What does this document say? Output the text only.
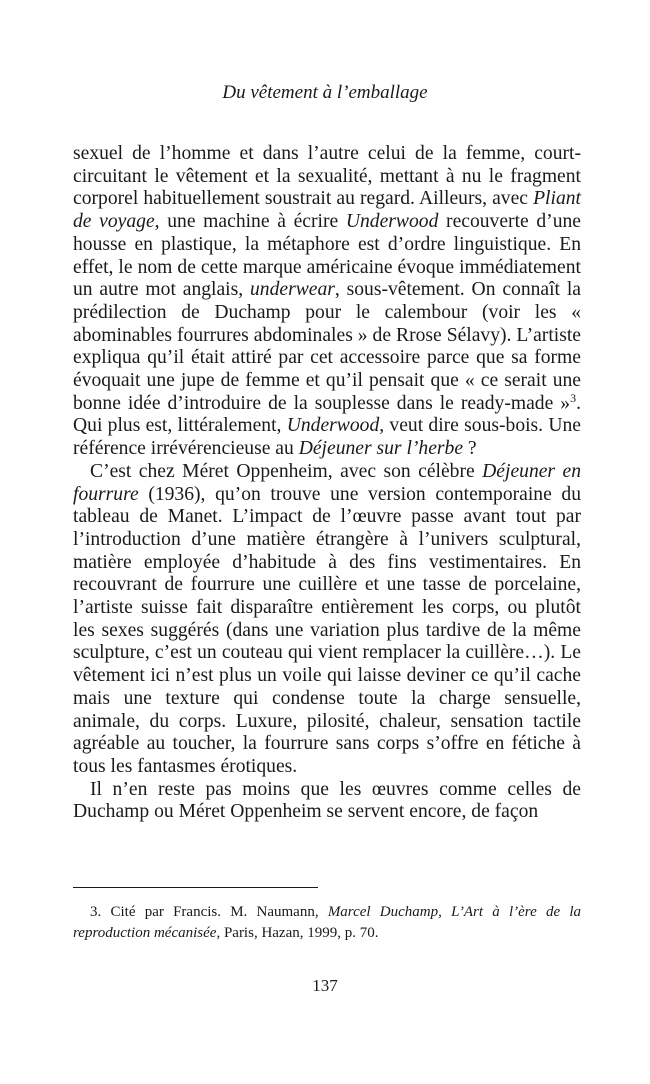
Du vêtement à l’emballage

sexuel de l’homme et dans l’autre celui de la femme, court-circuitant le vêtement et la sexualité, mettant à nu le fragment corporel habituellement soustrait au regard. Ailleurs, avec Pliant de voyage, une machine à écrire Underwood recouverte d’une housse en plastique, la métaphore est d’ordre linguistique. En effet, le nom de cette marque américaine évoque immédiatement un autre mot anglais, underwear, sous-vêtement. On connaît la prédilection de Duchamp pour le calembour (voir les « abominables fourrures abdominales » de Rrose Sélavy). L’artiste expliqua qu’il était attiré par cet accessoire parce que sa forme évoquait une jupe de femme et qu’il pensait que « ce serait une bonne idée d’introduire de la souplesse dans le ready-made »$^3$. Qui plus est, littéralement, Underwood, veut dire sous-bois. Une référence irrévérencieuse au Déjeuner sur l’herbe ?

C’est chez Méret Oppenheim, avec son célèbre Déjeuner en fourrure (1936), qu’on trouve une version contemporaine du tableau de Manet. L’impact de l’œuvre passe avant tout par l’introduction d’une matière étrangère à l’univers sculptural, matière employée d’habitude à des fins vestimentaires. En recouvrant de fourrure une cuillère et une tasse de porcelaine, l’artiste suisse fait disparaître entièrement les corps, ou plutôt les sexes suggérés (dans une variation plus tardive de la même sculpture, c’est un couteau qui vient remplacer la cuillère…). Le vêtement ici n’est plus un voile qui laisse deviner ce qu’il cache mais une texture qui condense toute la charge sensuelle, animale, du corps. Luxure, pilosité, chaleur, sensation tactile agréable au toucher, la fourrure sans corps s’offre en fétiche à tous les fantasmes érotiques.

Il n’en reste pas moins que les œuvres comme celles de Duchamp ou Méret Oppenheim se servent encore, de façon

3. Cité par Francis. M. Naumann, Marcel Duchamp, L’Art à l’ère de la reproduction mécanisée, Paris, Hazan, 1999, p. 70.
137
